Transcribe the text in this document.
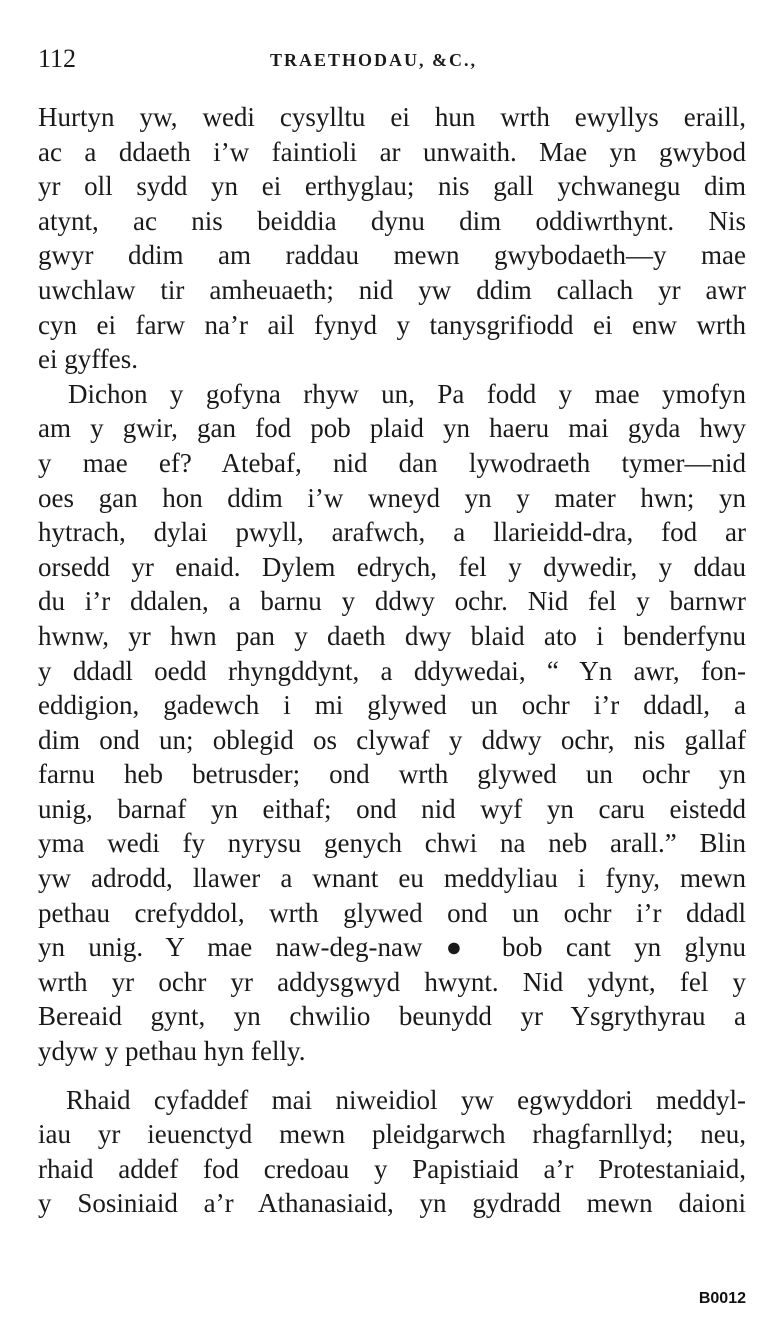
112	TRAETHODAU, &C.,
Hurtyn yw, wedi cysylltu ei hun wrth ewyllys eraill,
ac a ddaeth i’w faintioli ar unwaith. Mae yn gwybod
yr oll sydd yn ei erthyglau; nis gall ychwanegu dim
atynt, ac nis beiddia dynu dim oddiwrthynt. Nis
gwyr ddim am raddau mewn gwybodaeth—y mae
uwchlaw tir amheuaeth; nid yw ddim callach yr awr
cyn ei farw na’r ail fynyd y tanysgrifiodd ei enw wrth
ei gyffes.
Dichon y gofyna rhyw un, Pa fodd y mae ymofyn
am y gwir, gan fod pob plaid yn haeru mai gyda hwy
y mae ef? Atebaf, nid dan lywodraeth tymer—nid
oes gan hon ddim i’w wneyd yn y mater hwn; yn
hytrach, dylai pwyll, arafwch, a llarieidd-dra, fod ar
orsedd yr enaid. Dylem edrych, fel y dywedir, y ddau
du i’r ddalen, a barnu y ddwy ochr. Nid fel y barnwr
hwnw, yr hwn pan y daeth dwy blaid ato i benderfynu
y ddadl oedd rhyngddynt, a ddywedai, “ Yn awr, fon-
eddigion, gadewch i mi glywed un ochr i’r ddadl, a
dim ond un; oblegid os clywaf y ddwy ochr, nis gallaf
farnu heb betrusder; ond wrth glywed un ochr yn
unig, barnaf yn eithaf; ond nid wyf yn caru eistedd
yma wedi fy nyrysu genych chwi na neb arall.” Blin
yw adrodd, llawer a wnant eu meddyliau i fyny, mewn
pethau crefyddol, wrth glywed ond un ochr i’r ddadl
yn unig. Y mae naw-deg-naw ● bob cant yn glynu
wrth yr ochr yr addysgwyd hwynt. Nid ydynt, fel y
Bereaid gynt, yn chwilio beunydd yr Ysgrythyrau a
ydyw y pethau hyn felly.
Rhaid cyfaddef mai niweidiol yw egwyddori meddyl-
iau yr ieuenctyd mewn pleidgarwch rhagfarnllyd; neu,
rhaid addef fod credoau y Papistiaid a’r Protestaniaid,
y Sosiniaid a’r Athanasiaid, yn gydradd mewn daioni
B0012
